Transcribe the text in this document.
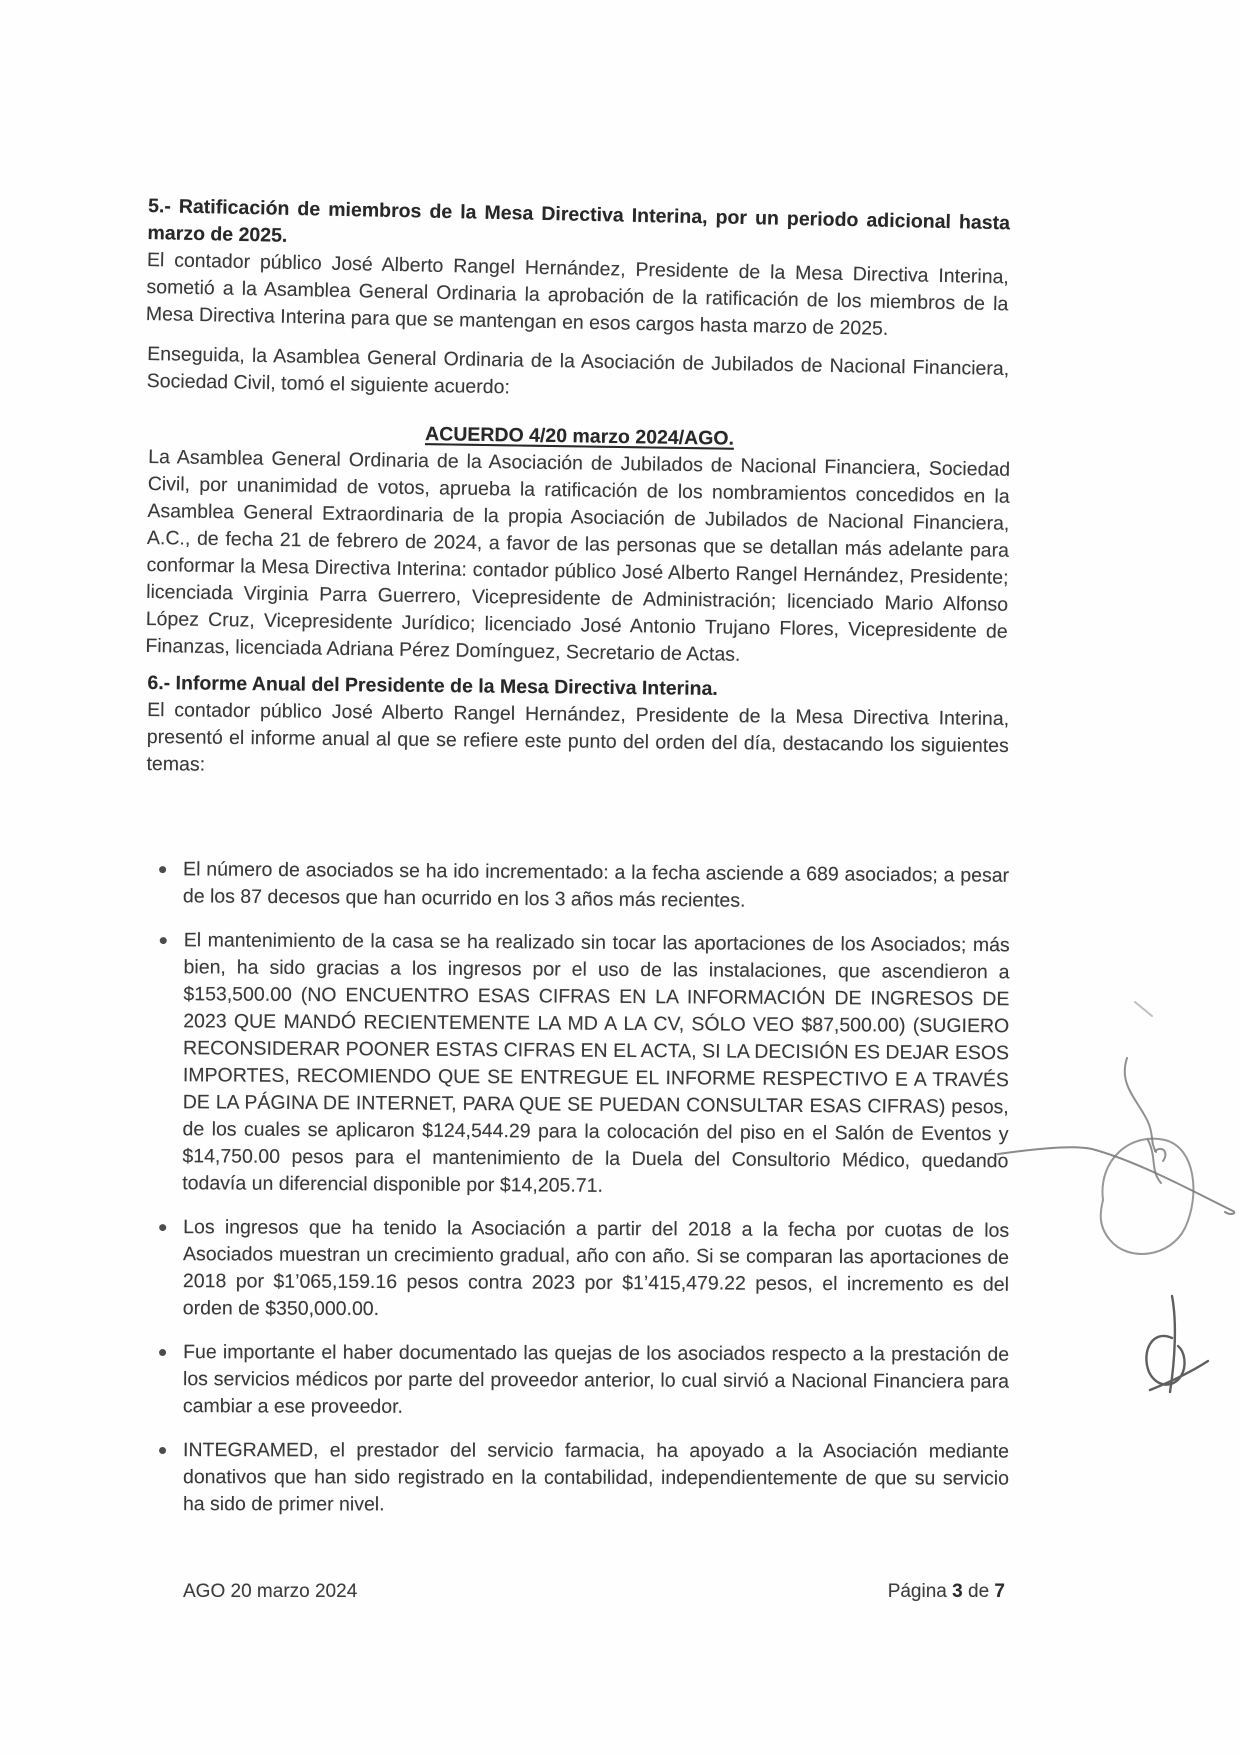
5.- Ratificación de miembros de la Mesa Directiva Interina, por un periodo adicional hasta marzo de 2025.

El contador público José Alberto Rangel Hernández, Presidente de la Mesa Directiva Interina, sometió a la Asamblea General Ordinaria la aprobación de la ratificación de los miembros de la Mesa Directiva Interina para que se mantengan en esos cargos hasta marzo de 2025.

Enseguida, la Asamblea General Ordinaria de la Asociación de Jubilados de Nacional Financiera, Sociedad Civil, tomó el siguiente acuerdo:

ACUERDO 4/20 marzo 2024/AGO.

La Asamblea General Ordinaria de la Asociación de Jubilados de Nacional Financiera, Sociedad Civil, por unanimidad de votos, aprueba la ratificación de los nombramientos concedidos en la Asamblea General Extraordinaria de la propia Asociación de Jubilados de Nacional Financiera, A.C., de fecha 21 de febrero de 2024, a favor de las personas que se detallan más adelante para conformar la Mesa Directiva Interina: contador público José Alberto Rangel Hernández, Presidente; licenciada Virginia Parra Guerrero, Vicepresidente de Administración; licenciado Mario Alfonso López Cruz, Vicepresidente Jurídico; licenciado José Antonio Trujano Flores, Vicepresidente de Finanzas, licenciada Adriana Pérez Domínguez, Secretario de Actas.

6.- Informe Anual del Presidente de la Mesa Directiva Interina.

El contador público José Alberto Rangel Hernández, Presidente de la Mesa Directiva Interina, presentó el informe anual al que se refiere este punto del orden del día, destacando los siguientes temas:

El número de asociados se ha ido incrementado: a la fecha asciende a 689 asociados; a pesar de los 87 decesos que han ocurrido en los 3 años más recientes.
El mantenimiento de la casa se ha realizado sin tocar las aportaciones de los Asociados; más bien, ha sido gracias a los ingresos por el uso de las instalaciones, que ascendieron a $153,500.00 (NO ENCUENTRO ESAS CIFRAS EN LA INFORMACIÓN DE INGRESOS DE 2023 QUE MANDÓ RECIENTEMENTE LA MD A LA CV, SÓLO VEO $87,500.00) (SUGIERO RECONSIDERAR POONER ESTAS CIFRAS EN EL ACTA, SI LA DECISIÓN ES DEJAR ESOS IMPORTES, RECOMIENDO QUE SE ENTREGUE EL INFORME RESPECTIVO E A TRAVÉS DE LA PÁGINA DE INTERNET, PARA QUE SE PUEDAN CONSULTAR ESAS CIFRAS) pesos, de los cuales se aplicaron $124,544.29 para la colocación del piso en el Salón de Eventos y $14,750.00 pesos para el mantenimiento de la Duela del Consultorio Médico, quedando todavía un diferencial disponible por $14,205.71.
Los ingresos que ha tenido la Asociación a partir del 2018 a la fecha por cuotas de los Asociados muestran un crecimiento gradual, año con año. Si se comparan las aportaciones de 2018 por $1’065,159.16 pesos contra 2023 por $1’415,479.22 pesos, el incremento es del orden de $350,000.00.
Fue importante el haber documentado las quejas de los asociados respecto a la prestación de los servicios médicos por parte del proveedor anterior, lo cual sirvió a Nacional Financiera para cambiar a ese proveedor.
INTEGRAMED, el prestador del servicio farmacia, ha apoyado a la Asociación mediante donativos que han sido registrado en la contabilidad, independientemente de que su servicio ha sido de primer nivel.
AGO 20 marzo 2024	Página 3 de 7
